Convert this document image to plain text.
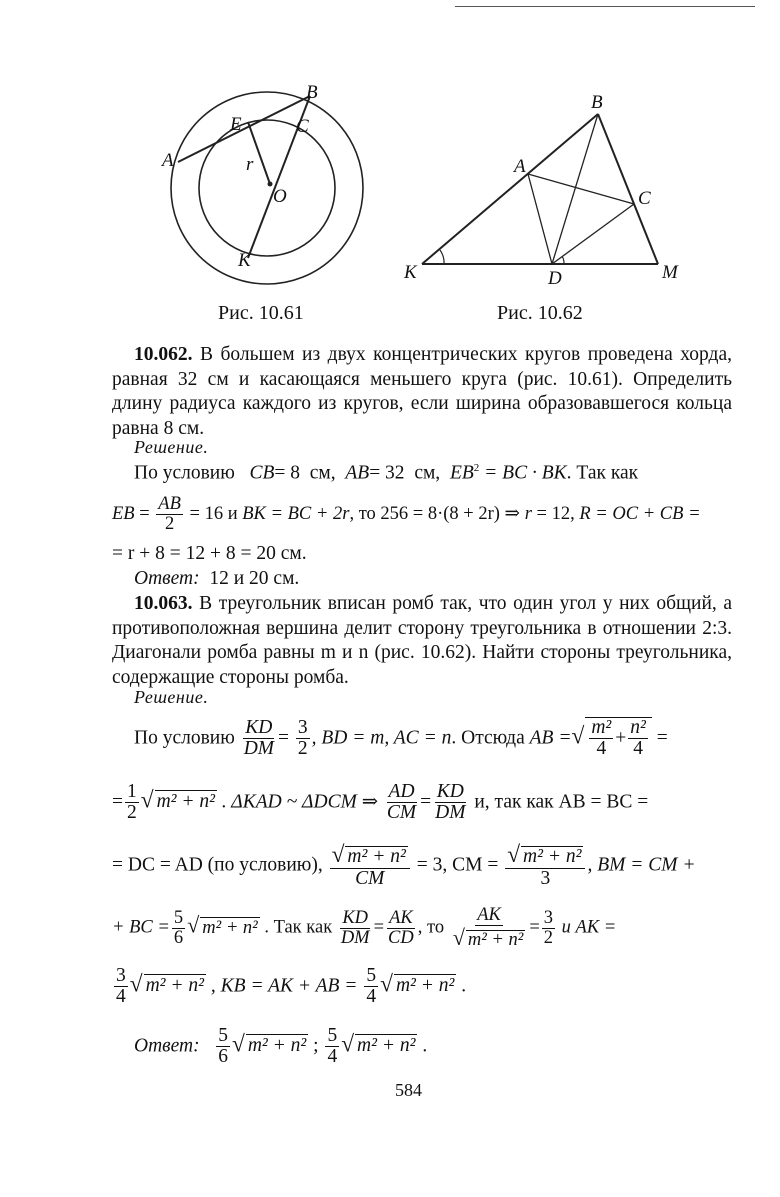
A
B
E	C
r
O
K
B
A
C
K	D	M
Рис. 10.61	Рис. 10.62
10.062. В большем из двух концентрических кругов проведена хорда, равная 32 см и касающаяся меньшего круга (рис. 10.61). Определить длину радиуса каждого из кругов, если ширина образовавшегося кольца равна 8 см.
Решение.
По условию CB= 8 см, AB= 32 см, $EB^2$ = BC · BK. Так как
EB = $\frac{AB}{2} = 16$ и BK = BC + 2r, то 256 = 8·(8 + 2r) ⇒ r = 12, R = OC + CB =
= r + 8 = 12 + 8 = 20 см.
Ответ: 12 и 20 см.
10.063. В треугольник вписан ромб так, что один угол у них общий, а противоположная вершина делит сторону треугольника в отношении 2:3. Диагонали ромба равны m и n (рис. 10.62). Найти стороны треугольника, содержащие стороны ромба.
Решение.
По условию $\frac{KD}{DM} = \frac{3}{2}$ , BD = m, AC = n. Отсюда AB =√ $\frac{\text{m²}}{4} + \frac{\text{n²}}{4}$ =
= $\frac{1}{2}$ √ m² + n² . ΔKAD ~ ΔDCM ⇒ $\frac{AD}{CM} = \frac{KD}{DM} и$, так как AB = BC =
= DC = AD (по условию), $\frac{\text{√ m² + n²}}{CM} = 3$, CM = $\frac{\text{√ m² + n²}}{3}$ , BM = CM +
+ BC = $\frac{5}{6}$ √ m² + n² . Так как $\frac{KD}{DM} = \frac{AK}{CD}$ , то $\frac{AK}{\text{√ m² + n²}} = \frac{3}{2}$ и AK =
$\frac{3}{4}$ √ m² + n² , KB = AK + AB = $\frac{5}{4}$ √ m² + n² .
Ответ: $\frac{5}{6}$ √ m² + n² ; $\frac{5}{4}$ √ m² + n² .
584
